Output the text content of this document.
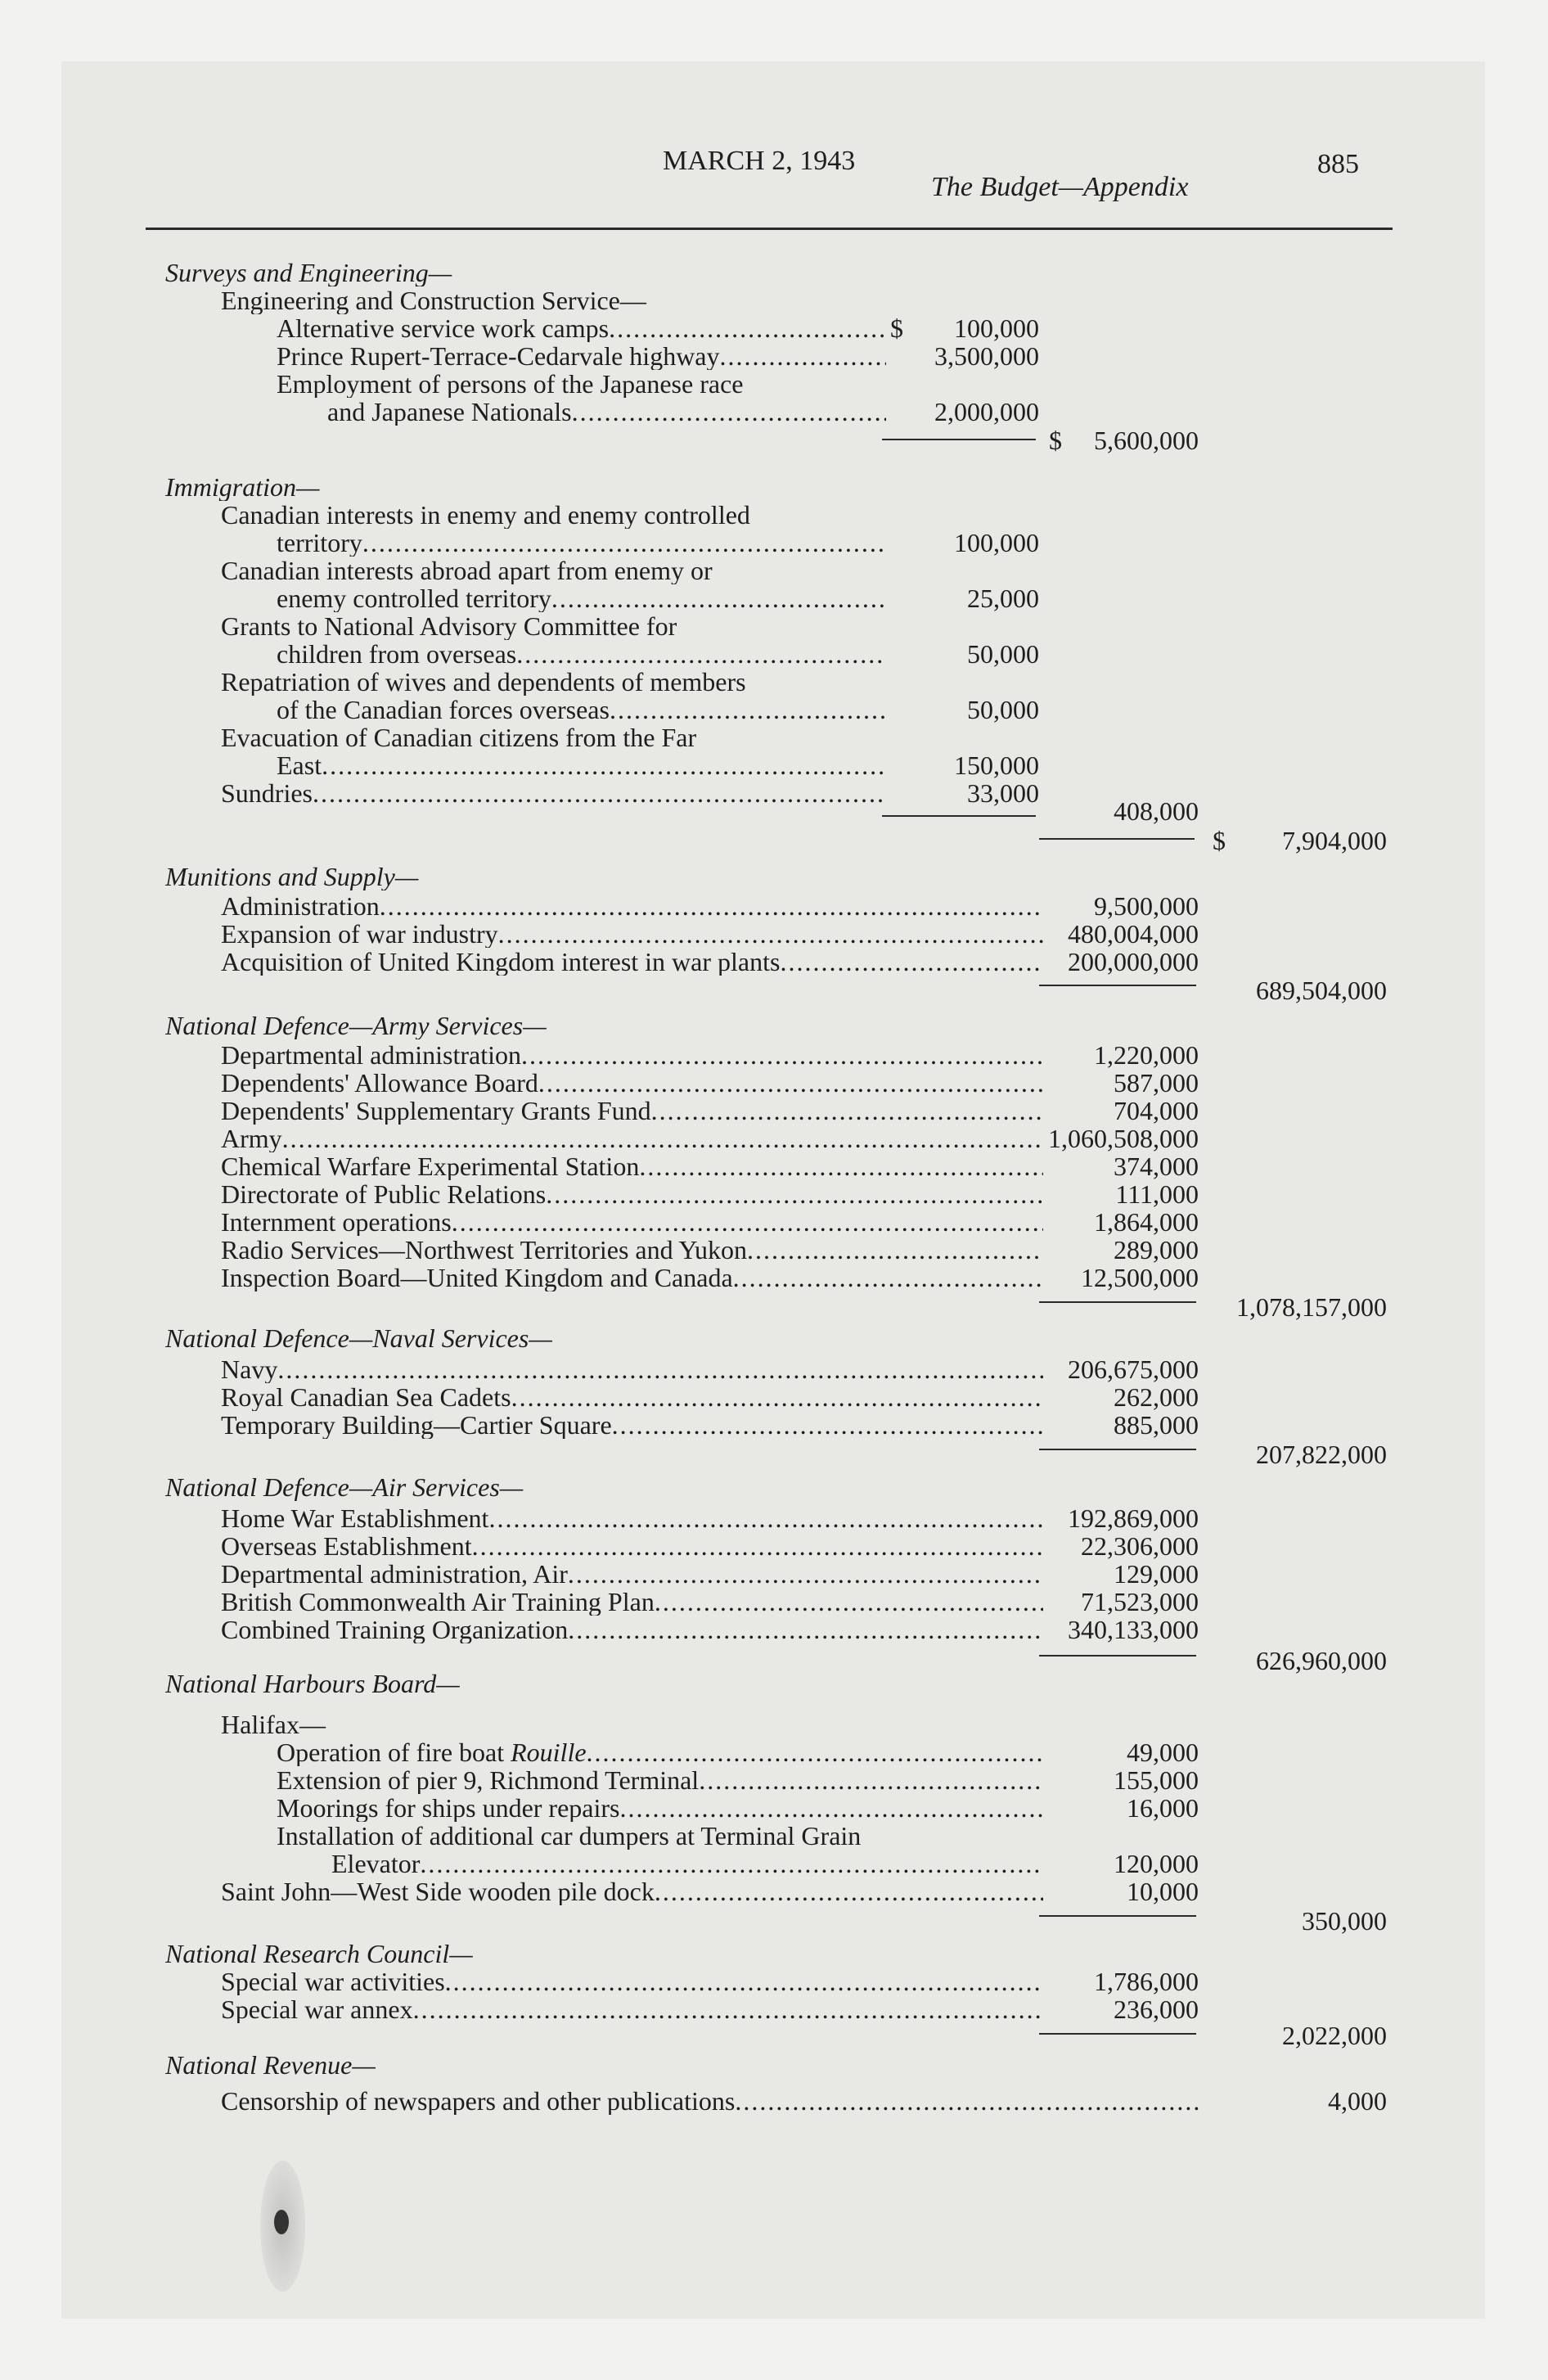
MARCH 2, 1943
The Budget—Appendix
885
Surveys and Engineering—
Engineering and Construction Service—
Alternative service work camps .....	$	100,000
Prince Rupert-Terrace-Cedarvale highway .....	3,500,000
Employment of persons of the Japanese race
and Japanese Nationals .....	2,000,000
$	5,600,000
Immigration—
Canadian interests in enemy and enemy controlled
territory .....	100,000
Canadian interests abroad apart from enemy or
enemy controlled territory .....	25,000
Grants to National Advisory Committee for
children from overseas .....	50,000
Repatriation of wives and dependents of members
of the Canadian forces overseas .....	50,000
Evacuation of Canadian citizens from the Far
East .....	150,000
Sundries .....	33,000
408,000
$	7,904,000
Munitions and Supply—
Administration .....	9,500,000
Expansion of war industry .....	480,004,000
Acquisition of United Kingdom interest in war plants .....	200,000,000
689,504,000
National Defence—Army Services—
Departmental administration .....	1,220,000
Dependents' Allowance Board .....	587,000
Dependents' Supplementary Grants Fund .....	704,000
Army .....	1,060,508,000
Chemical Warfare Experimental Station .....	374,000
Directorate of Public Relations .....	111,000
Internment operations .....	1,864,000
Radio Services—Northwest Territories and Yukon .....	289,000
Inspection Board—United Kingdom and Canada .....	12,500,000
1,078,157,000
National Defence—Naval Services—
Navy .....	206,675,000
Royal Canadian Sea Cadets .....	262,000
Temporary Building—Cartier Square .....	885,000
207,822,000
National Defence—Air Services—
Home War Establishment .....	192,869,000
Overseas Establishment .....	22,306,000
Departmental administration, Air .....	129,000
British Commonwealth Air Training Plan .....	71,523,000
Combined Training Organization .....	340,133,000
626,960,000
National Harbours Board—
Halifax—
Operation of fire boat Rouille .....	49,000
Extension of pier 9, Richmond Terminal .....	155,000
Moorings for ships under repairs .....	16,000
Installation of additional car dumpers at Terminal Grain
Elevator .....	120,000
Saint John—West Side wooden pile dock .....	10,000
350,000
National Research Council—
Special war activities .....	1,786,000
Special war annex .....	236,000
2,022,000
National Revenue—
Censorship of newspapers and other publications .....	4,000
